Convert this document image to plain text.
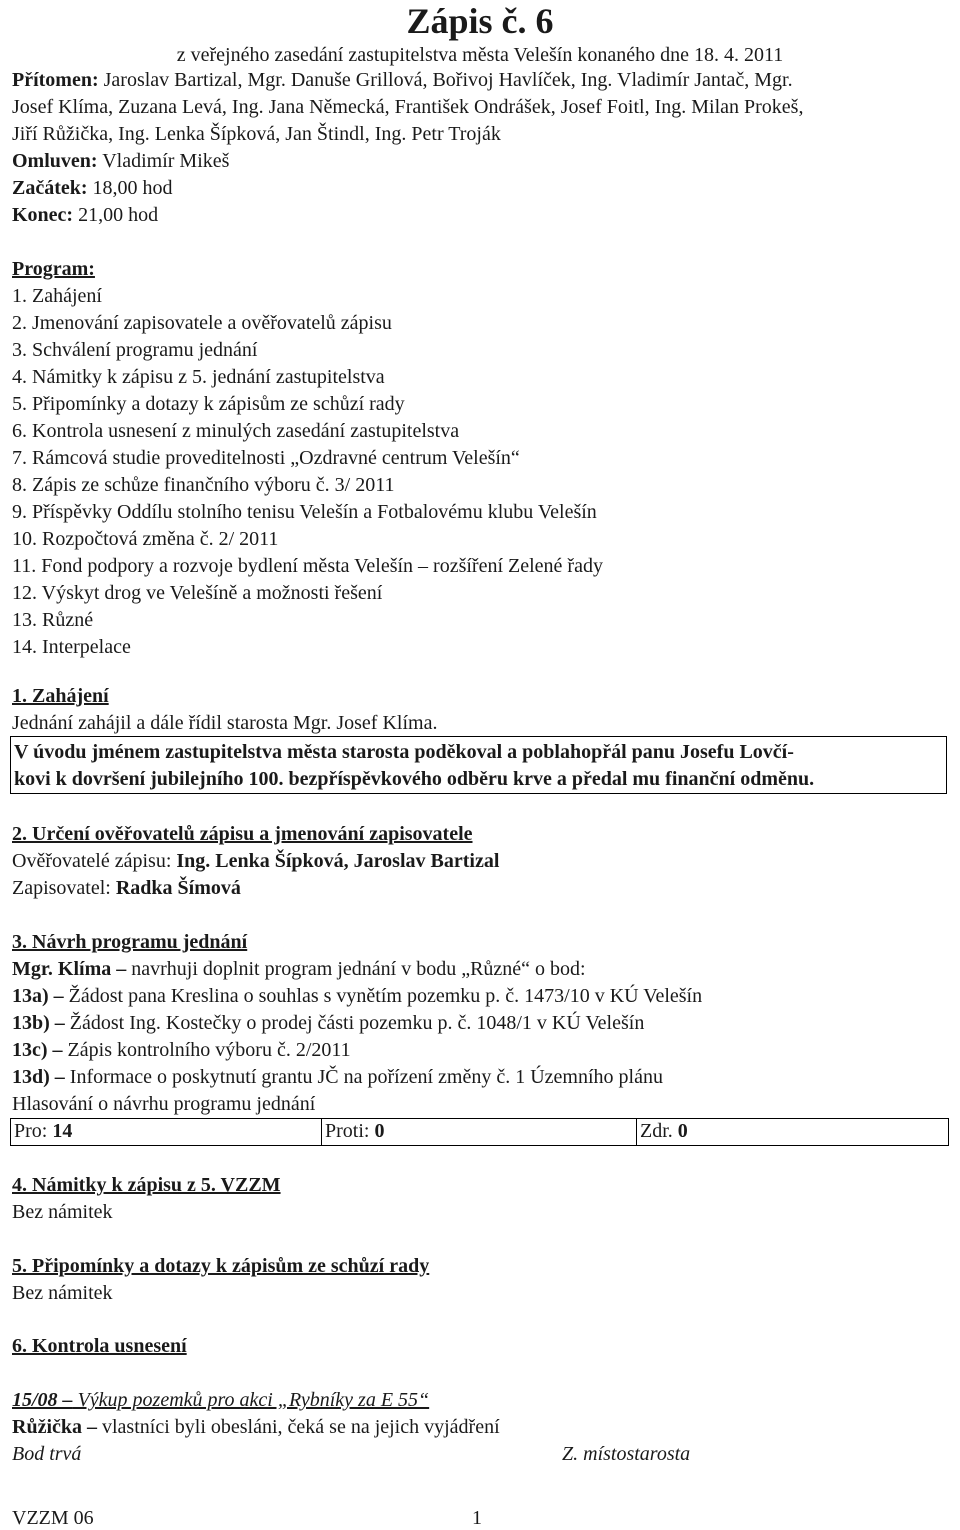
Zápis č. 6
z veřejného zasedání zastupitelstva města Velešín konaného dne 18. 4. 2011
Přítomen: Jaroslav Bartizal, Mgr. Danuše Grillová, Bořivoj Havlíček, Ing. Vladimír Jantač, Mgr.
Josef Klíma, Zuzana Levá, Ing. Jana Německá, František Ondrášek, Josef Foitl, Ing. Milan Prokeš,
Jiří Růžička, Ing. Lenka Šípková, Jan Štindl, Ing. Petr Troják
Omluven: Vladimír Mikeš
Začátek: 18,00 hod
Konec: 21,00 hod
Program:
1. Zahájení
2. Jmenování zapisovatele a ověřovatelů zápisu
3. Schválení programu jednání
4. Námitky k zápisu z 5. jednání zastupitelstva
5. Připomínky a dotazy k zápisům ze schůzí rady
6. Kontrola usnesení z minulých zasedání zastupitelstva
7. Rámcová studie proveditelnosti „Ozdravné centrum Velešín“
8. Zápis ze schůze finančního výboru č. 3/ 2011
9. Příspěvky Oddílu stolního tenisu Velešín a Fotbalovému klubu Velešín
10. Rozpočtová změna č. 2/ 2011
11. Fond podpory a rozvoje bydlení města Velešín – rozšíření Zelené řady
12. Výskyt drog ve Velešíně a možnosti řešení
13. Různé
14. Interpelace
1. Zahájení
Jednání zahájil a dále řídil starosta Mgr. Josef Klíma.
V úvodu jménem zastupitelstva města starosta poděkoval a poblahopřál panu Josefu Lovčí-
kovi k dovršení jubilejního 100. bezpříspěvkového odběru krve a předal mu finanční odměnu.
2. Určení ověřovatelů zápisu a jmenování zapisovatele
Ověřovatelé zápisu: Ing. Lenka Šípková, Jaroslav Bartizal
Zapisovatel: Radka Šímová
3. Návrh programu jednání
Mgr. Klíma – navrhuji doplnit program jednání v bodu „Různé“ o bod:
13a) – Žádost pana Kreslina o souhlas s vynětím pozemku p. č. 1473/10 v KÚ Velešín
13b) – Žádost Ing. Kostečky o prodej části pozemku p. č. 1048/1 v KÚ Velešín
13c) – Zápis kontrolního výboru č. 2/2011
13d) – Informace o poskytnutí grantu JČ na pořízení změny č. 1 Územního plánu
Hlasování o návrhu programu jednání
Pro: 14	Proti: 0	Zdr. 0
4. Námitky k zápisu z 5. VZZM
Bez námitek
5. Připomínky a dotazy k zápisům ze schůzí rady
Bez námitek
6. Kontrola usnesení
15/08 – Výkup pozemků pro akci „Rybníky za E 55“
Růžička – vlastníci byli obesláni, čeká se na jejich vyjádření
Bod trvá	Z. místostarosta
VZZM 06	1
